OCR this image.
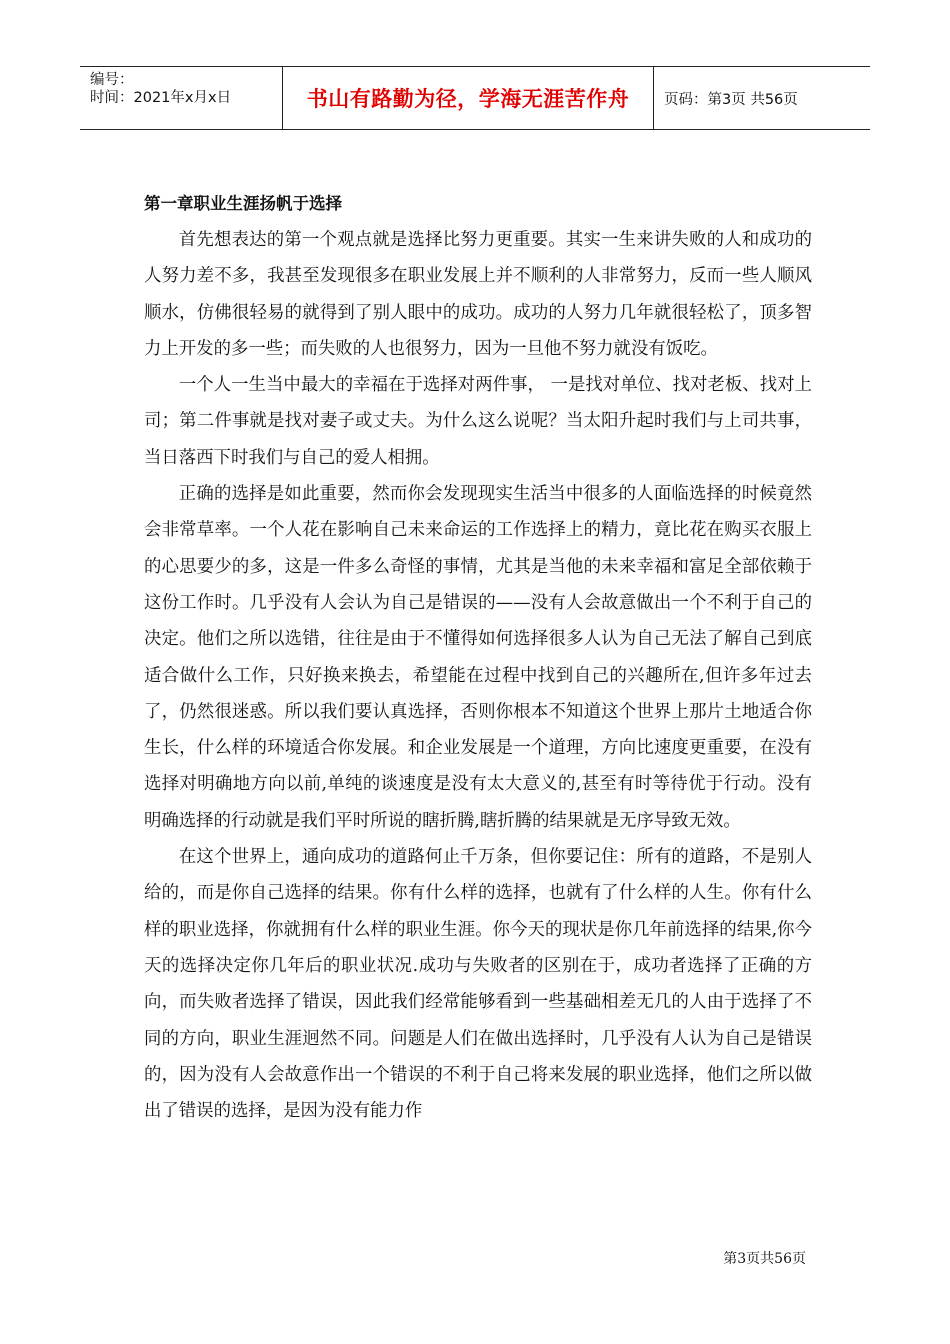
编号：
时间：2021年x月x日	书山有路勤为径，学海无涯苦作舟 页码：第3页 共56页
第一章职业生涯扬帆于选择

首先想表达的第一个观点就是选择比努力更重要。其实一生来讲失败的人和成功的人努力差不多，我甚至发现很多在职业发展上并不顺利的人非常努力，反而一些人顺风顺水，仿佛很轻易的就得到了别人眼中的成功。成功的人努力几年就很轻松了，顶多智力上开发的多一些；而失败的人也很努力，因为一旦他不努力就没有饭吃。

一个人一生当中最大的幸福在于选择对两件事， 一是找对单位、找对老板、找对上司；第二件事就是找对妻子或丈夫。为什么这么说呢？当太阳升起时我们与上司共事，当日落西下时我们与自己的爱人相拥。

正确的选择是如此重要，然而你会发现现实生活当中很多的人面临选择的时候竟然会非常草率。一个人花在影响自己未来命运的工作选择上的精力，竟比花在购买衣服上的心思要少的多，这是一件多么奇怪的事情，尤其是当他的未来幸福和富足全部依赖于这份工作时。几乎没有人会认为自己是错误的——没有人会故意做出一个不利于自己的决定。他们之所以选错，往往是由于不懂得如何选择很多人认为自己无法了解自己到底适合做什么工作，只好换来换去，希望能在过程中找到自己的兴趣所在,但许多年过去了，仍然很迷惑。所以我们要认真选择，否则你根本不知道这个世界上那片土地适合你生长，什么样的环境适合你发展。和企业发展是一个道理，方向比速度更重要，在没有选择对明确地方向以前,单纯的谈速度是没有太大意义的,甚至有时等待优于行动。没有明确选择的行动就是我们平时所说的瞎折腾,瞎折腾的结果就是无序导致无效。

在这个世界上，通向成功的道路何止千万条，但你要记住：所有的道路，不是别人给的，而是你自己选择的结果。你有什么样的选择，也就有了什么样的人生。你有什么样的职业选择，你就拥有什么样的职业生涯。你今天的现状是你几年前选择的结果,你今天的选择决定你几年后的职业状况.成功与失败者的区别在于，成功者选择了正确的方向，而失败者选择了错误，因此我们经常能够看到一些基础相差无几的人由于选择了不同的方向，职业生涯迥然不同。问题是人们在做出选择时，几乎没有人认为自己是错误的，因为没有人会故意作出一个错误的不利于自己将来发展的职业选择，他们之所以做出了错误的选择，是因为没有能力作

第3页共56页
